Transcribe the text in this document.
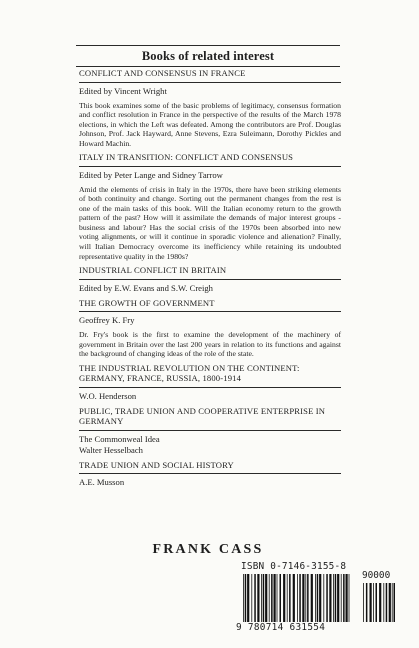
Books of related interest
CONFLICT AND CONSENSUS IN FRANCE
Edited by Vincent Wright
This book examines some of the basic problems of legitimacy, consensus formation and conflict resolution in France in the perspective of the results of the March 1978 elections, in which the Left was defeated. Among the contributors are Prof. Douglas Johnson, Prof. Jack Hayward, Anne Stevens, Ezra Suleimann, Dorothy Pickles and Howard Machin.
ITALY IN TRANSITION: CONFLICT AND CONSENSUS
Edited by Peter Lange and Sidney Tarrow
Amid the elements of crisis in Italy in the 1970s, there have been striking elements of both continuity and change. Sorting out the permanent changes from the rest is one of the main tasks of this book. Will the Italian economy return to the growth pattern of the past? How will it assimilate the demands of major interest groups - business and labour? Has the social crisis of the 1970s been absorbed into new voting alignments, or will it continue in sporadic violence and alienation? Finally, will Italian Democracy overcome its inefficiency while retaining its undoubted representative quality in the 1980s?
INDUSTRIAL CONFLICT IN BRITAIN
Edited by E.W. Evans and S.W. Creigh
THE GROWTH OF GOVERNMENT
Geoffrey K. Fry
Dr. Fry's book is the first to examine the development of the machinery of government in Britain over the last 200 years in relation to its functions and against the background of changing ideas of the role of the state.
THE INDUSTRIAL REVOLUTION ON THE CONTINENT: GERMANY, FRANCE, RUSSIA, 1800-1914
W.O. Henderson
PUBLIC, TRADE UNION AND COOPERATIVE ENTERPRISE IN GERMANY
The Commonweal Idea
Walter Hesselbach
TRADE UNION AND SOCIAL HISTORY
A.E. Musson
FRANK CASS
ISBN 0-7146-3155-8
90000
9 780714 631554
